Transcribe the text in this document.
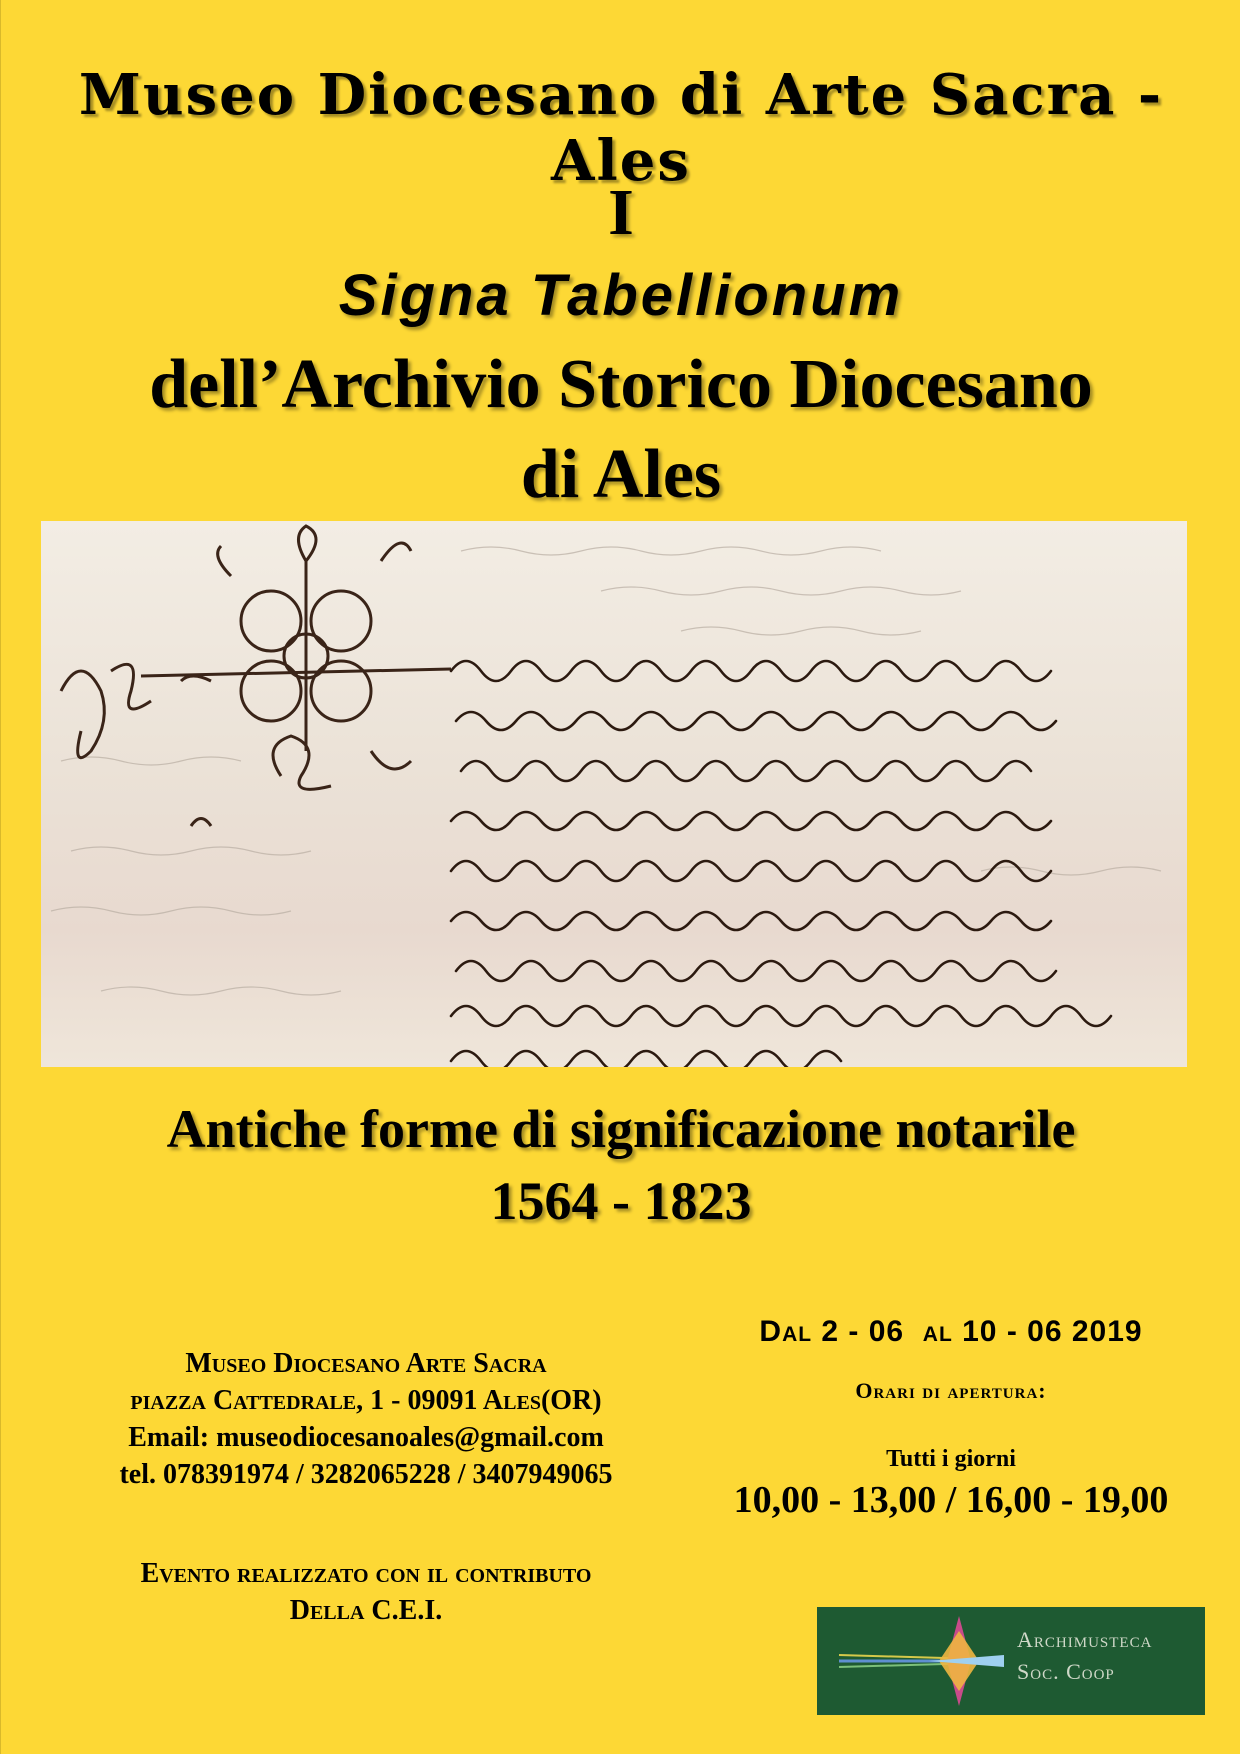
Museo Diocesano di Arte Sacra - Ales
I
Signa Tabellionum
dell’Archivio Storico Diocesano
di Ales
Antiche forme di significazione notarile
1564 - 1823
Museo Diocesano Arte Sacra
piazza Cattedrale, 1 - 09091 Ales(OR)
Email: museodiocesanoales@gmail.com
tel. 078391974 / 3282065228 / 3407949065
Evento realizzato con il contributo
Della C.E.I.
Dal 2 - 06  al 10 - 06 2019
Orari di apertura:
Tutti i giorni
10,00 - 13,00 / 16,00 - 19,00
Archimusteca
Soc. Coop
